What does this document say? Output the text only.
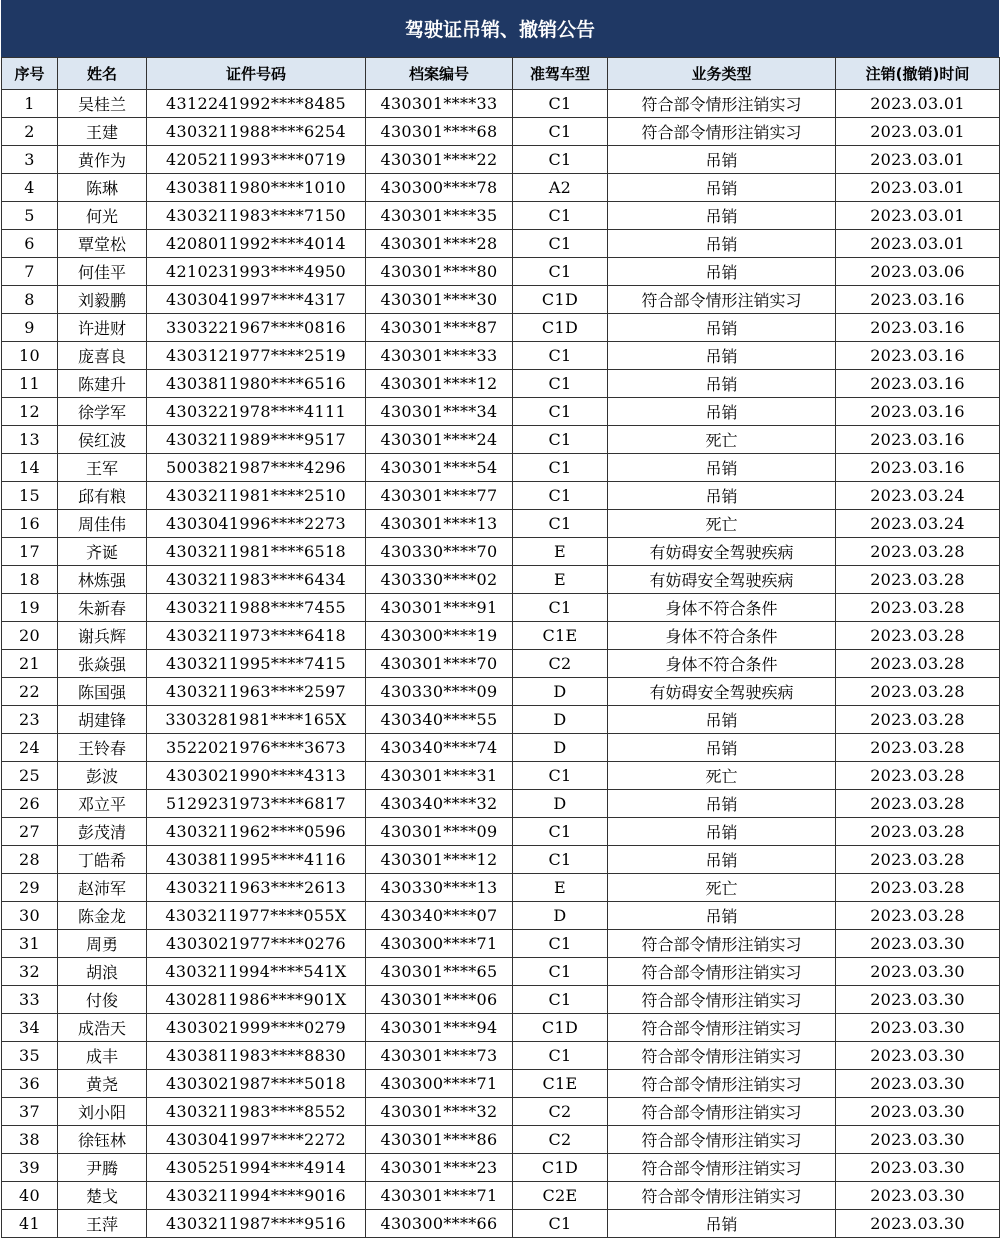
驾驶证吊销、撤销公告
序号	姓名	证件号码	档案编号	准驾车型	业务类型	注销(撤销)时间
1	吴桂兰	4312241992****8485	430301****33	C1	符合部令情形注销实习	2023.03.01
2	王建	4303211988****6254	430301****68	C1	符合部令情形注销实习	2023.03.01
3	黄作为	4205211993****0719	430301****22	C1	吊销	2023.03.01
4	陈琳	4303811980****1010	430300****78	A2	吊销	2023.03.01
5	何光	4303211983****7150	430301****35	C1	吊销	2023.03.01
6	覃堂松	4208011992****4014	430301****28	C1	吊销	2023.03.01
7	何佳平	4210231993****4950	430301****80	C1	吊销	2023.03.06
8	刘毅鹏	4303041997****4317	430301****30	C1D	符合部令情形注销实习	2023.03.16
9	许进财	3303221967****0816	430301****87	C1D	吊销	2023.03.16
10	庞喜良	4303121977****2519	430301****33	C1	吊销	2023.03.16
11	陈建升	4303811980****6516	430301****12	C1	吊销	2023.03.16
12	徐学军	4303221978****4111	430301****34	C1	吊销	2023.03.16
13	侯红波	4303211989****9517	430301****24	C1	死亡	2023.03.16
14	王军	5003821987****4296	430301****54	C1	吊销	2023.03.16
15	邱有粮	4303211981****2510	430301****77	C1	吊销	2023.03.24
16	周佳伟	4303041996****2273	430301****13	C1	死亡	2023.03.24
17	齐诞	4303211981****6518	430330****70	E	有妨碍安全驾驶疾病	2023.03.28
18	林炼强	4303211983****6434	430330****02	E	有妨碍安全驾驶疾病	2023.03.28
19	朱新春	4303211988****7455	430301****91	C1	身体不符合条件	2023.03.28
20	谢兵辉	4303211973****6418	430300****19	C1E	身体不符合条件	2023.03.28
21	张焱强	4303211995****7415	430301****70	C2	身体不符合条件	2023.03.28
22	陈国强	4303211963****2597	430330****09	D	有妨碍安全驾驶疾病	2023.03.28
23	胡建锋	3303281981****165X	430340****55	D	吊销	2023.03.28
24	王铃春	3522021976****3673	430340****74	D	吊销	2023.03.28
25	彭波	4303021990****4313	430301****31	C1	死亡	2023.03.28
26	邓立平	5129231973****6817	430340****32	D	吊销	2023.03.28
27	彭茂清	4303211962****0596	430301****09	C1	吊销	2023.03.28
28	丁皓希	4303811995****4116	430301****12	C1	吊销	2023.03.28
29	赵沛军	4303211963****2613	430330****13	E	死亡	2023.03.28
30	陈金龙	4303211977****055X	430340****07	D	吊销	2023.03.28
31	周勇	4303021977****0276	430300****71	C1	符合部令情形注销实习	2023.03.30
32	胡浪	4303211994****541X	430301****65	C1	符合部令情形注销实习	2023.03.30
33	付俊	4302811986****901X	430301****06	C1	符合部令情形注销实习	2023.03.30
34	成浩天	4303021999****0279	430301****94	C1D	符合部令情形注销实习	2023.03.30
35	成丰	4303811983****8830	430301****73	C1	符合部令情形注销实习	2023.03.30
36	黄尧	4303021987****5018	430300****71	C1E	符合部令情形注销实习	2023.03.30
37	刘小阳	4303211983****8552	430301****32	C2	符合部令情形注销实习	2023.03.30
38	徐钰林	4303041997****2272	430301****86	C2	符合部令情形注销实习	2023.03.30
39	尹腾	4305251994****4914	430301****23	C1D	符合部令情形注销实习	2023.03.30
40	楚戈	4303211994****9016	430301****71	C2E	符合部令情形注销实习	2023.03.30
41	王萍	4303211987****9516	430300****66	C1	吊销	2023.03.30
